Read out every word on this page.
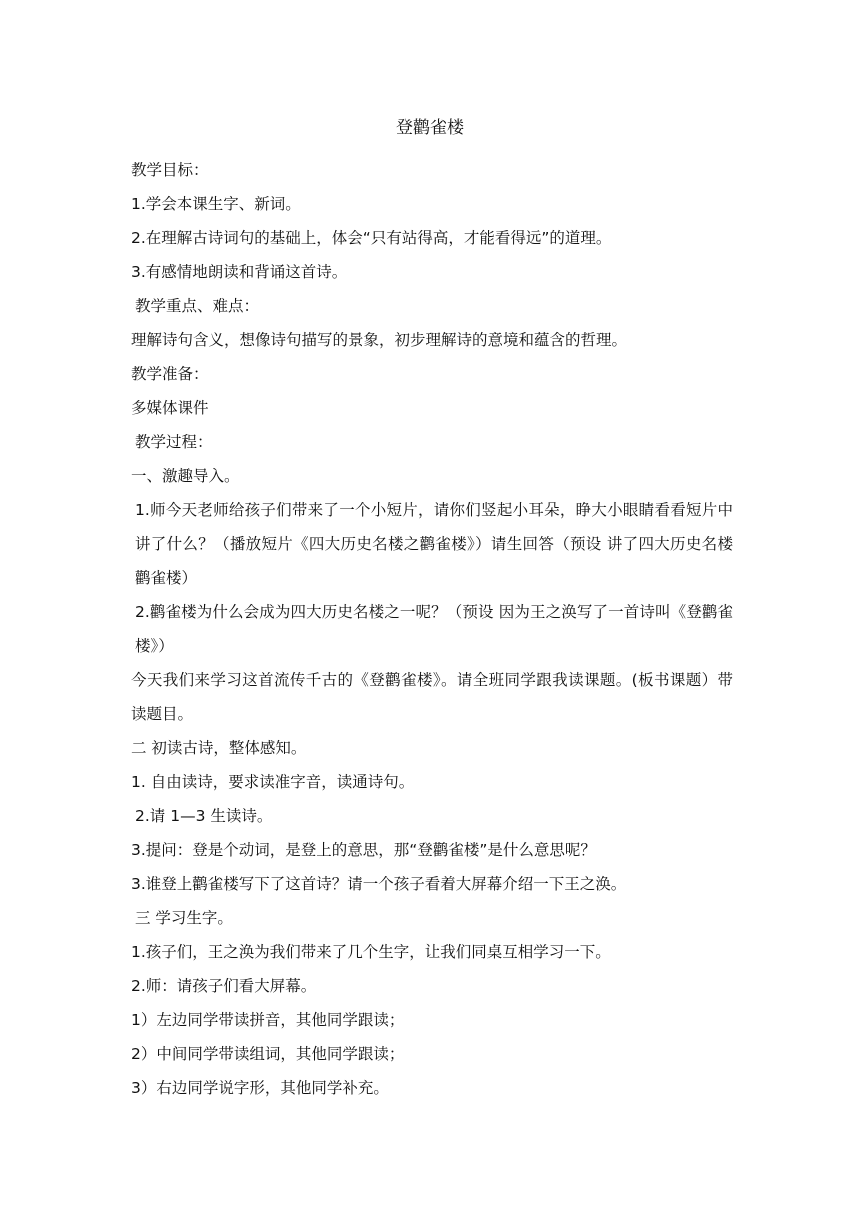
登鹳雀楼

教学目标：

1.学会本课生字、新词。

2.在理解古诗词句的基础上，体会“只有站得高，才能看得远”的道理。

3.有感情地朗读和背诵这首诗。

教学重点、难点：

理解诗句含义，想像诗句描写的景象，初步理解诗的意境和蕴含的哲理。

教学准备：

多媒体课件

教学过程：

一、激趣导入。

1.师今天老师给孩子们带来了一个小短片，请你们竖起小耳朵，睁大小眼睛看看短片中讲了什么？（播放短片《四大历史名楼之鹳雀楼》）请生回答（预设 讲了四大历史名楼鹳雀楼）

2.鹳雀楼为什么会成为四大历史名楼之一呢？（预设 因为王之涣写了一首诗叫《登鹳雀楼》）

今天我们来学习这首流传千古的《登鹳雀楼》。请全班同学跟我读课题。(板书课题）带读题目。

二 初读古诗，整体感知。

1. 自由读诗，要求读准字音，读通诗句。

2.请 1—3 生读诗。

3.提问：登是个动词，是登上的意思，那“登鹳雀楼”是什么意思呢？

3.谁登上鹳雀楼写下了这首诗？请一个孩子看着大屏幕介绍一下王之涣。

三 学习生字。

1.孩子们，王之涣为我们带来了几个生字，让我们同桌互相学习一下。

2.师：请孩子们看大屏幕。

1）左边同学带读拼音，其他同学跟读；

2）中间同学带读组词，其他同学跟读；

3）右边同学说字形，其他同学补充。
